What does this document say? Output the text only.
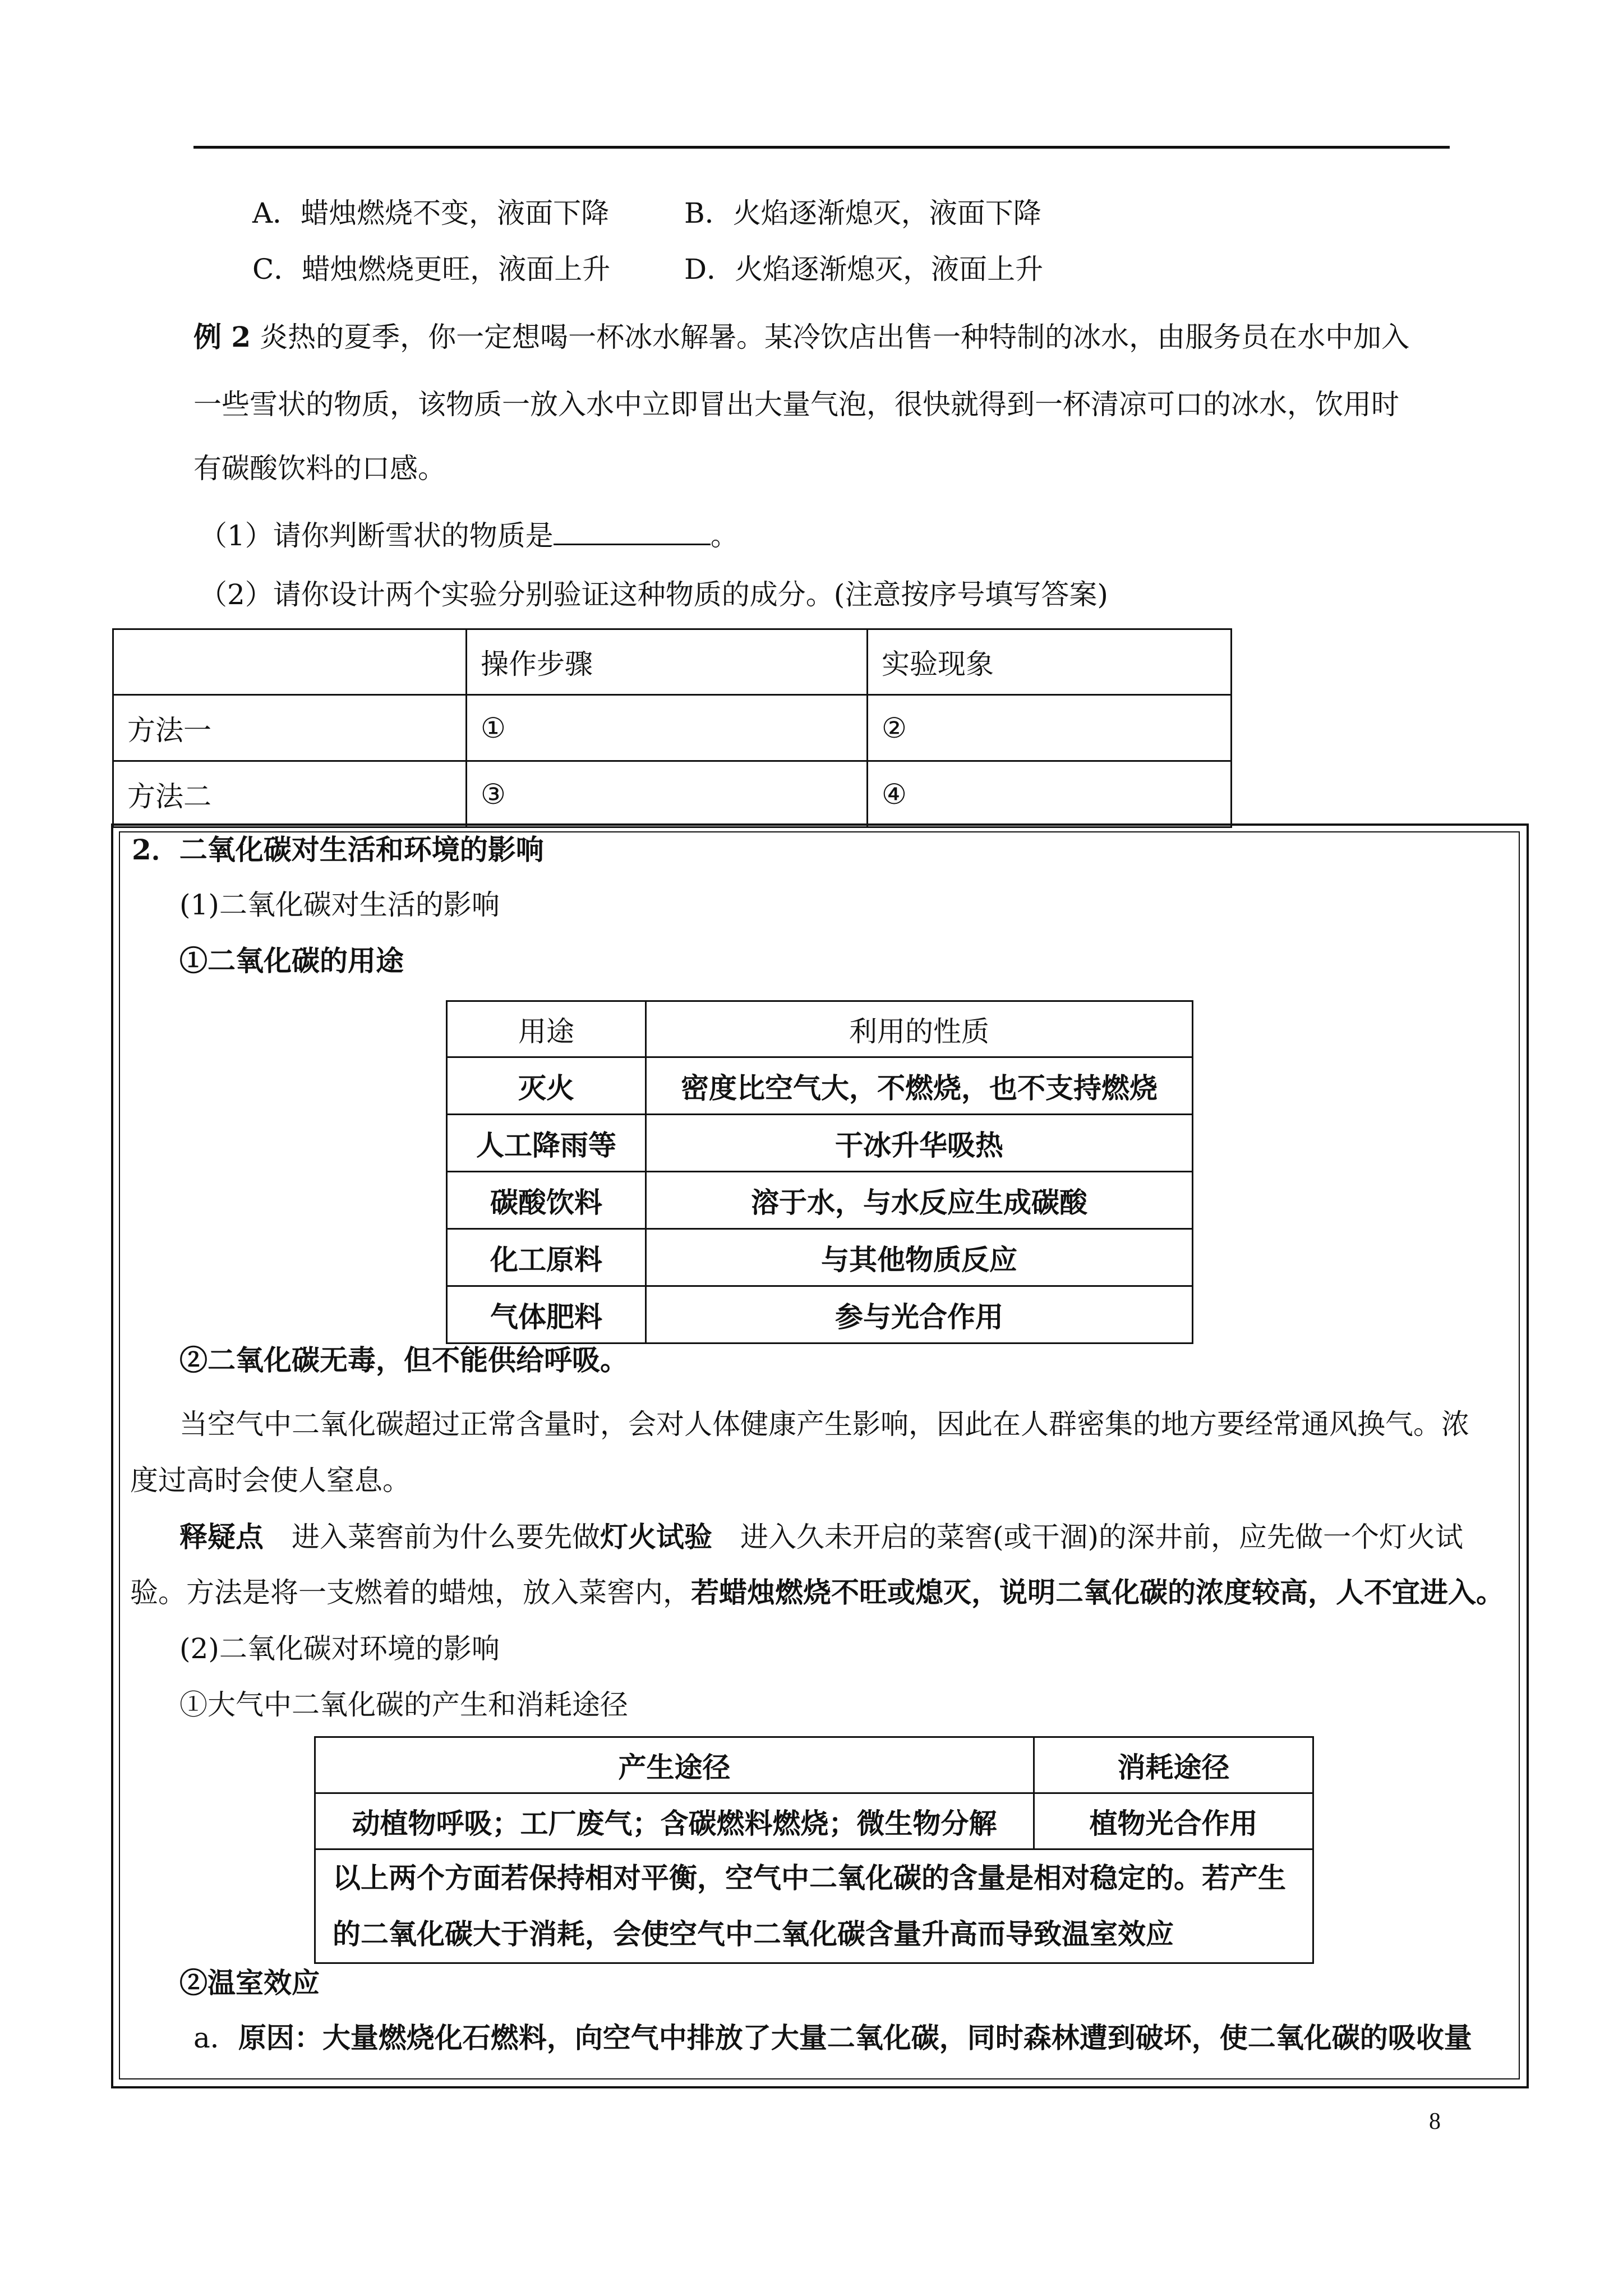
A．蜡烛燃烧不变，液面下降	B．火焰逐渐熄灭，液面下降
C．蜡烛燃烧更旺，液面上升	D．火焰逐渐熄灭，液面上升
例 2 炎热的夏季，你一定想喝一杯冰水解暑。某冷饮店出售一种特制的冰水，由服务员在水中加入
一些雪状的物质，该物质一放入水中立即冒出大量气泡，很快就得到一杯清凉可口的冰水，饮用时
有碳酸饮料的口感。
（1）请你判断雪状的物质是	。
（2）请你设计两个实验分别验证这种物质的成分。(注意按序号填写答案)
	操作步骤	实验现象
方法一	①	②
方法二	③	④
2．二氧化碳对生活和环境的影响
(1)二氧化碳对生活的影响
①二氧化碳的用途
用途	利用的性质
灭火	密度比空气大，不燃烧，也不支持燃烧
人工降雨等	干冰升华吸热
碳酸饮料	溶于水，与水反应生成碳酸
化工原料	与其他物质反应
气体肥料	参与光合作用
②二氧化碳无毒，但不能供给呼吸。
当空气中二氧化碳超过正常含量时，会对人体健康产生影响，因此在人群密集的地方要经常通风换气。浓
度过高时会使人窒息。
释疑点　 进入菜窖前为什么要先做灯火试验　 进入久未开启的菜窖(或干涸)的深井前，应先做一个灯火试
验。方法是将一支燃着的蜡烛，放入菜窖内，若蜡烛燃烧不旺或熄灭，说明二氧化碳的浓度较高，人不宜进入。
(2)二氧化碳对环境的影响
①大气中二氧化碳的产生和消耗途径
产生途径	消耗途径
动植物呼吸；工厂废气；含碳燃料燃烧；微生物分解	植物光合作用

以上两个方面若保持相对平衡，空气中二氧化碳的含量是相对稳定的。若产生
的二氧化碳大于消耗，会使空气中二氧化碳含量升高而导致温室效应	
②温室效应
a．原因：大量燃烧化石燃料，向空气中排放了大量二氧化碳，同时森林遭到破坏，使二氧化碳的吸收量
8
